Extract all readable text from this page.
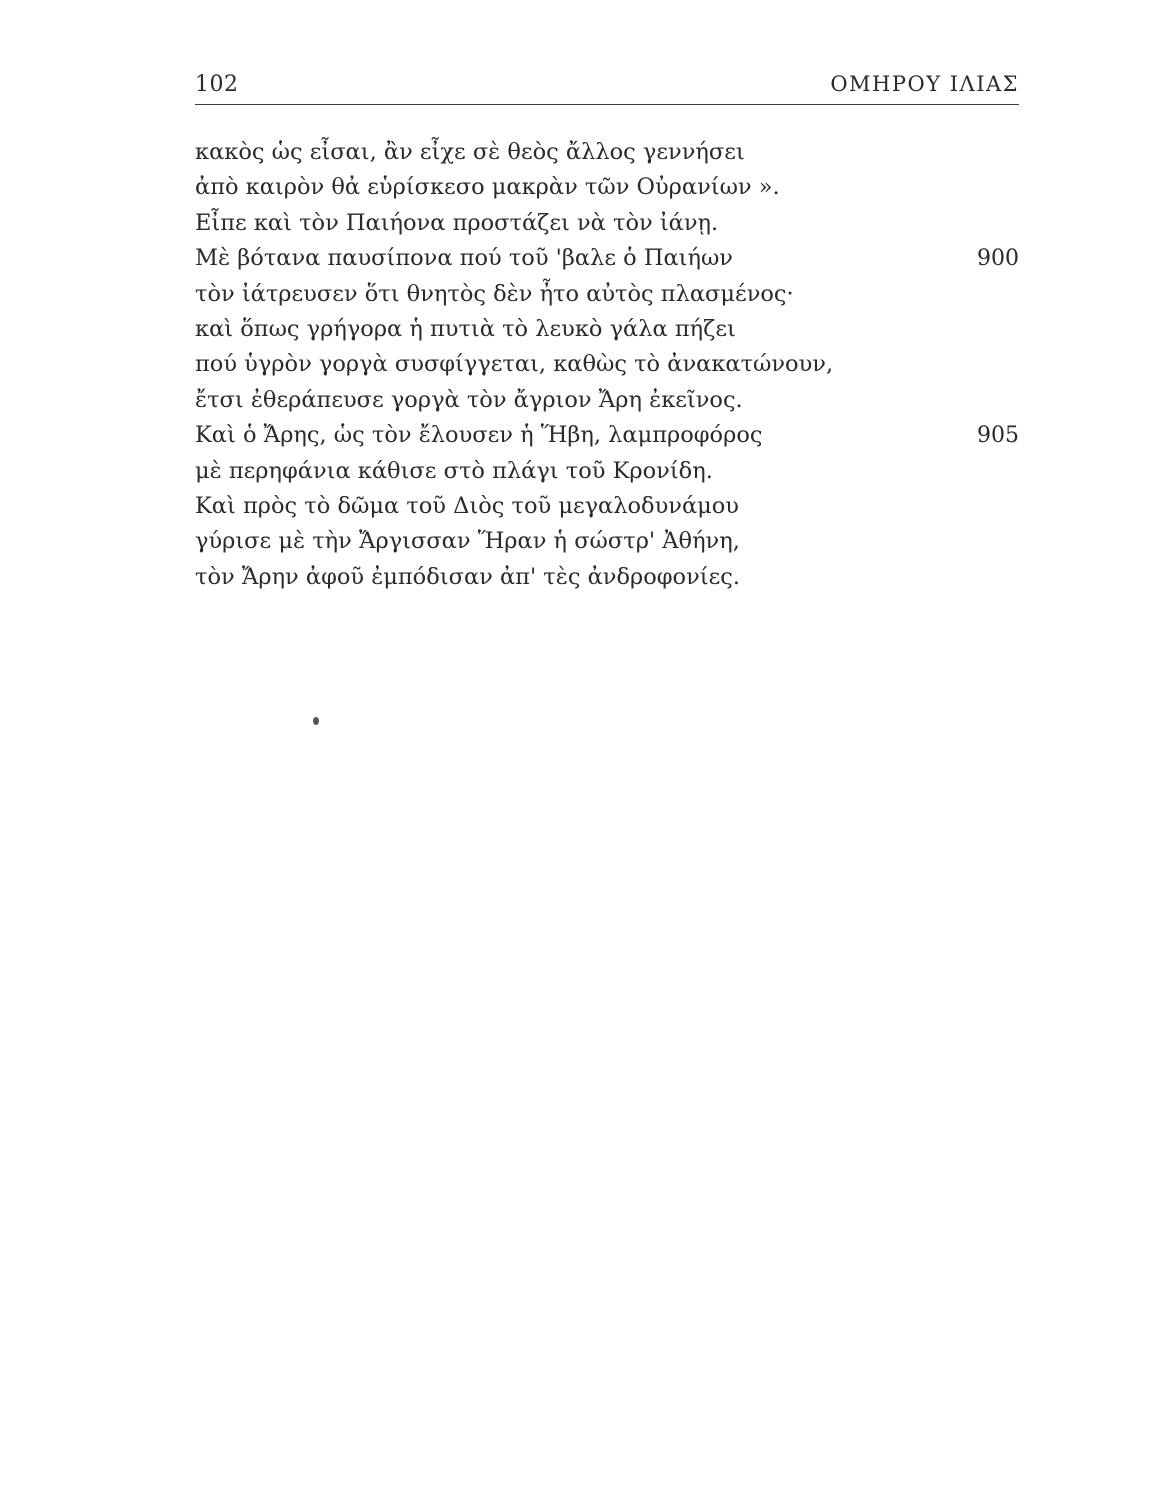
102	ΟΜΗΡΟΥ ΙΛΙΑΣ
κακὸς ὡς εἶσαι, ἂν εἶχε σὲ θεὸς ἄλλος γεννήσει
ἀπὸ καιρὸν θἀ εὑρίσκεσο μακρὰν τῶν Οὐρανίων ».
Εἶπε καὶ τὸν Παιήονα προστάζει νὰ τὸν ἰάνῃ.
Μὲ βότανα παυσίπονα πού τοῦ 'βαλε ὁ Παιήων	900
τὸν ἰάτρευσεν ὅτι θνητὸς δὲν ἦτο αὐτὸς πλασμένος·
καὶ ὅπως γρήγορα ἡ πυτιὰ τὸ λευκὸ γάλα πήζει
πού ὑγρὸν γοργὰ συσφίγγεται, καθὼς τὸ ἀνακατώνουν,
ἔτσι ἐθεράπευσε γοργὰ τὸν ἄγριον Ἄρη ἐκεῖνος.
Καὶ ὁ Ἄρης, ὡς τὸν ἔλουσεν ἡ Ἥβη, λαμπροφόρος	905
μὲ περηφάνια κάθισε στὸ πλάγι τοῦ Κρονίδη.
Καὶ πρὸς τὸ δῶμα τοῦ Διὸς τοῦ μεγαλοδυνάμου
γύρισε μὲ τὴν Ἄργισσαν Ἥραν ἡ σώστρ' Ἀθήνη,
τὸν Ἄρην ἀφοῦ ἐμπόδισαν ἀπ' τὲς ἀνδροφονίες.
